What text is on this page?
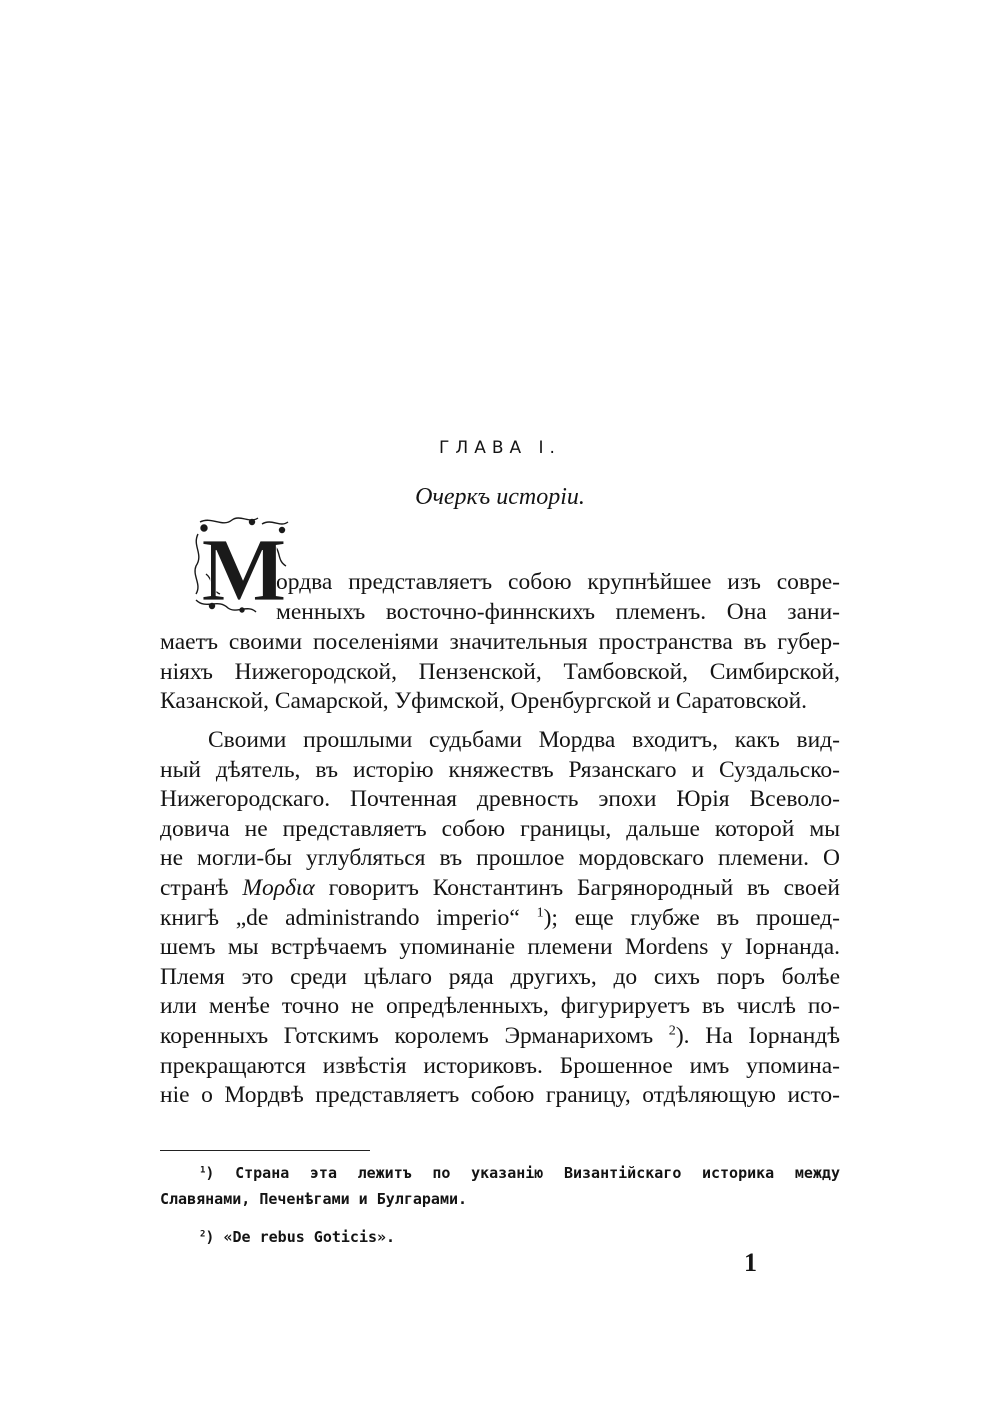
ГЛАВА I.
Очеркъ исторіи.
М
ордва представляетъ собою крупнѣйшее изъ совре-
менныхъ восточно-финнскихъ племенъ. Она зани-
маетъ своими поселеніями значительныя пространства въ губер-
ніяхъ Нижегородской, Пензенской, Тамбовской, Симбирской,
Казанской, Самарской, Уфимской, Оренбургской и Саратовской.
Своими прошлыми судьбами Мордва входитъ, какъ вид-
ный дѣятель, въ исторію княжествъ Рязанскаго и Суздальско-
Нижегородскаго. Почтенная древность эпохи Юрія Всеволо-
довича не представляетъ собою границы, дальше которой мы
не могли-бы углубляться въ прошлое мордовскаго племени. О
странѣ Μορδια говоритъ Константинъ Багрянородный въ своей
книгѣ „de administrando imperio“ $^1$); еще глубже въ прошед-
шемъ мы встрѣчаемъ упоминаніе племени Mordens у Іорнанда.
Племя это среди цѣлаго ряда другихъ, до сихъ поръ болѣе
или менѣе точно не опредѣленныхъ, фигурируетъ въ числѣ по-
коренныхъ Готскимъ королемъ Эрманарихомъ $^2$). На Іорнандѣ
прекращаются извѣстія историковъ. Брошенное имъ упомина-
ніе о Мордвѣ представляетъ собою границу, отдѣляющую исто-
$^1$) Страна эта лежитъ по указанію Византійскаго историка между
Славянами, Печенѣгами и Булгарами.
$^2$) «De rebus Goticis».
1
